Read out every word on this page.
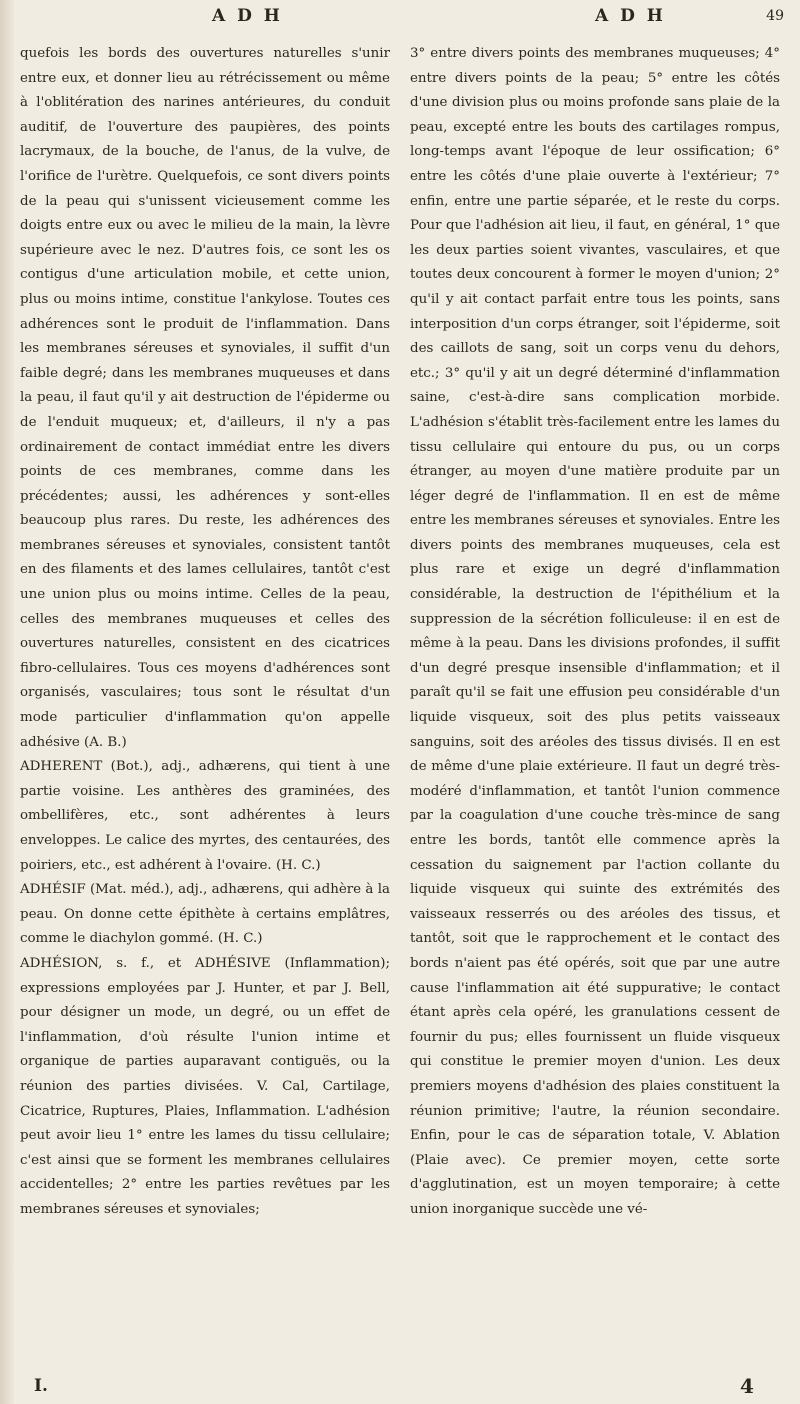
A D H	A D H	49

quefois les bords des ouvertures naturelles s'unir entre eux, et donner lieu au rétrécissement ou même à l'oblitération des narines antérieures, du conduit auditif, de l'ouverture des paupières, des points lacrymaux, de la bouche, de l'anus, de la vulve, de l'orifice de l'urètre. Quelquefois, ce sont divers points de la peau qui s'unissent vicieusement comme les doigts entre eux ou avec le milieu de la main, la lèvre supérieure avec le nez. D'autres fois, ce sont les os contigus d'une articulation mobile, et cette union, plus ou moins intime, constitue l'ankylose. Toutes ces adhérences sont le produit de l'inflammation. Dans les membranes séreuses et synoviales, il suffit d'un faible degré; dans les membranes muqueuses et dans la peau, il faut qu'il y ait destruction de l'épiderme ou de l'enduit muqueux; et, d'ailleurs, il n'y a pas ordinairement de contact immédiat entre les divers points de ces membranes, comme dans les précédentes; aussi, les adhérences y sont-elles beaucoup plus rares. Du reste, les adhérences des membranes séreuses et synoviales, consistent tantôt en des filaments et des lames cellulaires, tantôt c'est une union plus ou moins intime. Celles de la peau, celles des membranes muqueuses et celles des ouvertures naturelles, consistent en des cicatrices fibro-cellulaires. Tous ces moyens d'adhérences sont organisés, vasculaires; tous sont le résultat d'un mode particulier d'inflammation qu'on appelle adhésive (A. B.)

ADHERENT (Bot.), adj., adhærens, qui tient à une partie voisine. Les anthères des graminées, des ombellifères, etc., sont adhérentes à leurs enveloppes. Le calice des myrtes, des centaurées, des poiriers, etc., est adhérent à l'ovaire. (H. C.)

ADHÉSIF (Mat. méd.), adj., adhærens, qui adhère à la peau. On donne cette épithète à certains emplâtres, comme le diachylon gommé. (H. C.)

ADHÉSION, s. f., et ADHÉSIVE (Inflammation); expressions employées par J. Hunter, et par J. Bell, pour désigner un mode, un degré, ou un effet de l'inflammation, d'où résulte l'union intime et organique de parties auparavant contiguës, ou la réunion des parties divisées. V. Cal, Cartilage, Cicatrice, Ruptures, Plaies, Inflammation. L'adhésion peut avoir lieu 1° entre les lames du tissu cellulaire; c'est ainsi que se forment les membranes cellulaires accidentelles; 2° entre les parties revêtues par les membranes séreuses et synoviales;

3° entre divers points des membranes muqueuses; 4° entre divers points de la peau; 5° entre les côtés d'une division plus ou moins profonde sans plaie de la peau, excepté entre les bouts des cartilages rompus, long-temps avant l'époque de leur ossification; 6° entre les côtés d'une plaie ouverte à l'extérieur; 7° enfin, entre une partie séparée, et le reste du corps. Pour que l'adhésion ait lieu, il faut, en général, 1° que les deux parties soient vivantes, vasculaires, et que toutes deux concourent à former le moyen d'union; 2° qu'il y ait contact parfait entre tous les points, sans interposition d'un corps étranger, soit l'épiderme, soit des caillots de sang, soit un corps venu du dehors, etc.; 3° qu'il y ait un degré déterminé d'inflammation saine, c'est-à-dire sans complication morbide. L'adhésion s'établit très-facilement entre les lames du tissu cellulaire qui entoure du pus, ou un corps étranger, au moyen d'une matière produite par un léger degré de l'inflammation. Il en est de même entre les membranes séreuses et synoviales. Entre les divers points des membranes muqueuses, cela est plus rare et exige un degré d'inflammation considérable, la destruction de l'épithélium et la suppression de la sécrétion folliculeuse: il en est de même à la peau. Dans les divisions profondes, il suffit d'un degré presque insensible d'inflammation; et il paraît qu'il se fait une effusion peu considérable d'un liquide visqueux, soit des plus petits vaisseaux sanguins, soit des aréoles des tissus divisés. Il en est de même d'une plaie extérieure. Il faut un degré très-modéré d'inflammation, et tantôt l'union commence par la coagulation d'une couche très-mince de sang entre les bords, tantôt elle commence après la cessation du saignement par l'action collante du liquide visqueux qui suinte des extrémités des vaisseaux resserrés ou des aréoles des tissus, et tantôt, soit que le rapprochement et le contact des bords n'aient pas été opérés, soit que par une autre cause l'inflammation ait été suppurative; le contact étant après cela opéré, les granulations cessent de fournir du pus; elles fournissent un fluide visqueux qui constitue le premier moyen d'union. Les deux premiers moyens d'adhésion des plaies constituent la réunion primitive; l'autre, la réunion secondaire. Enfin, pour le cas de séparation totale, V. Ablation (Plaie avec). Ce premier moyen, cette sorte d'agglutination, est un moyen temporaire; à cette union inorganique succède une vé-

I.	4
